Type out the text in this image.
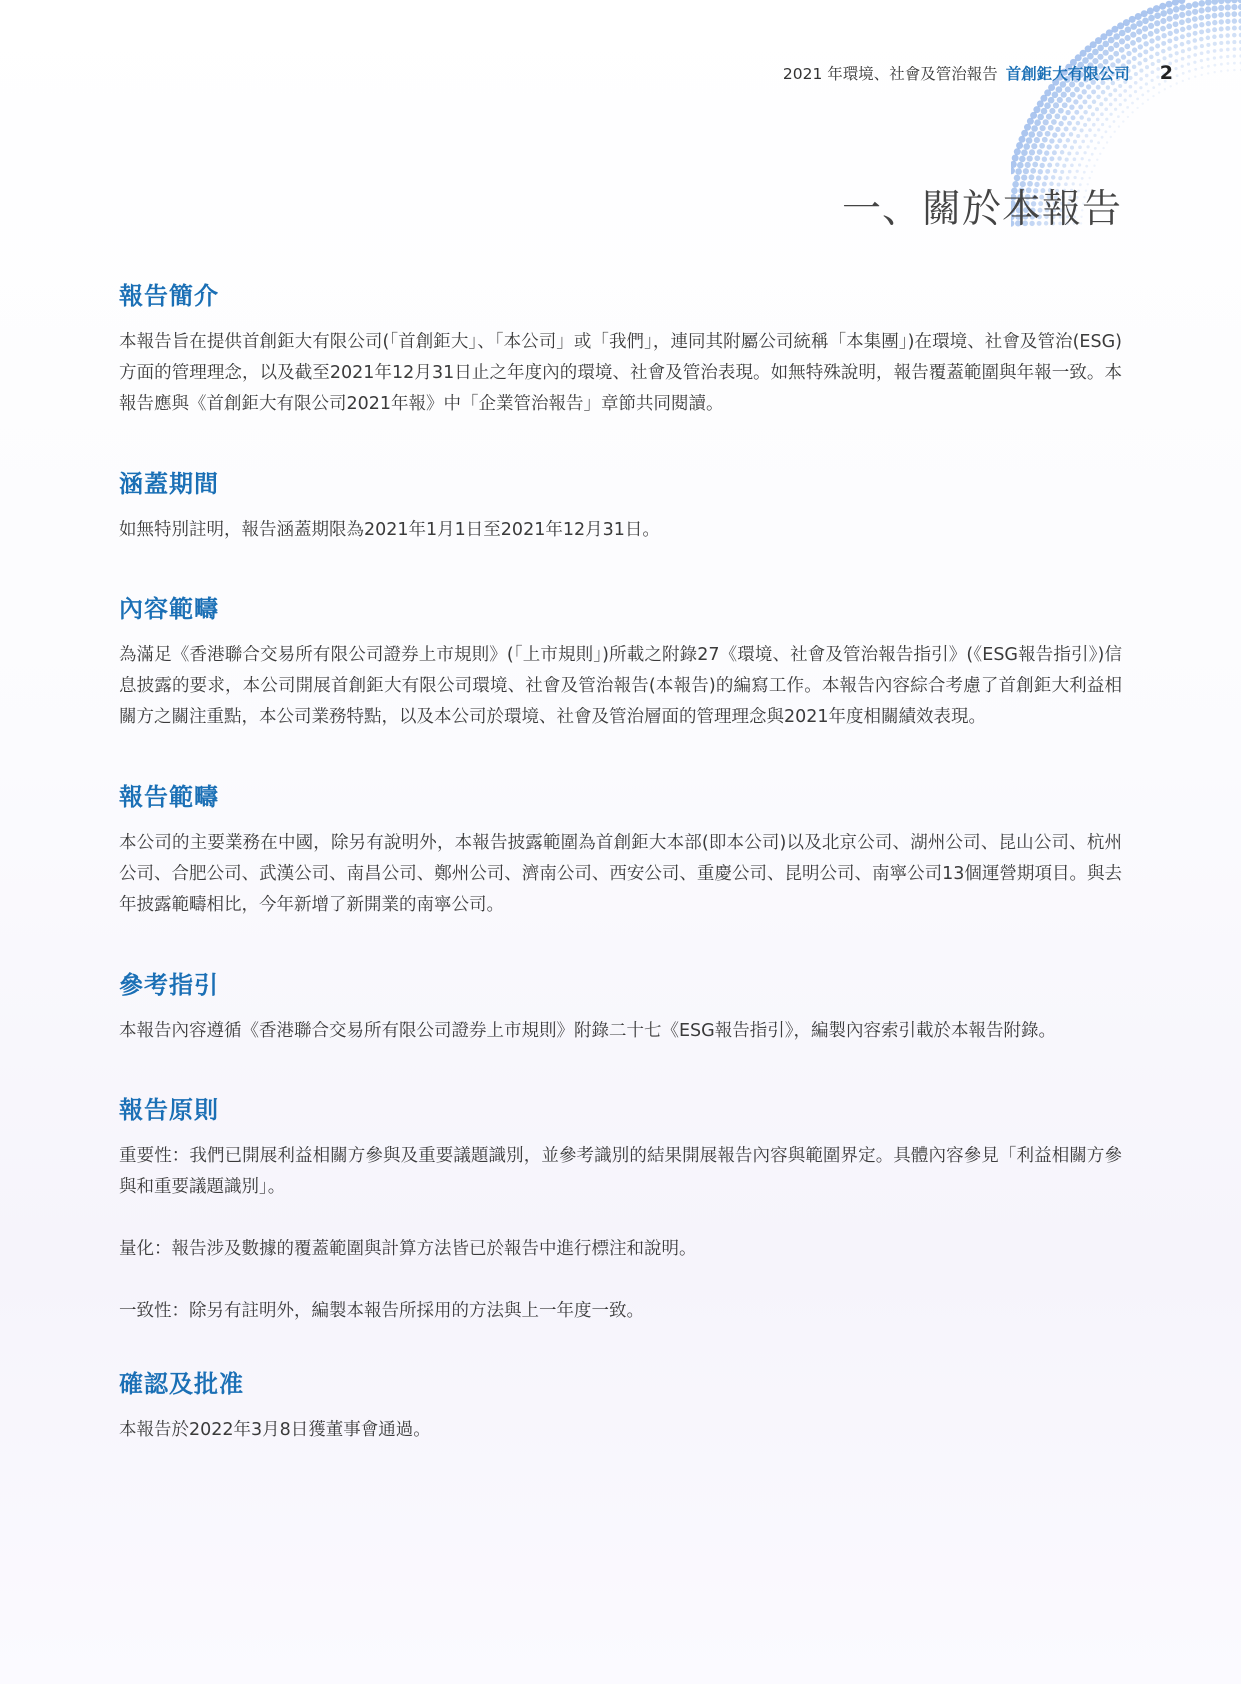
2021 年環境、社會及管治報告 首創鉅大有限公司 2
一、關於本報告
報告簡介

本報告旨在提供首創鉅大有限公司(「首創鉅大」、「本公司」或「我們」，連同其附屬公司統稱「本集團」)在環境、社會及管治(ESG)方面的管理理念，以及截至2021年12月31日止之年度內的環境、社會及管治表現。如無特殊說明，報告覆蓋範圍與年報一致。本報告應與《首創鉅大有限公司2021年報》中「企業管治報告」章節共同閱讀。

涵蓋期間

如無特別註明，報告涵蓋期限為2021年1月1日至2021年12月31日。

內容範疇

為滿足《香港聯合交易所有限公司證券上市規則》(「上市規則」)所載之附錄27《環境、社會及管治報告指引》(《ESG報告指引》)信息披露的要求，本公司開展首創鉅大有限公司環境、社會及管治報告(本報告)的編寫工作。本報告內容綜合考慮了首創鉅大利益相關方之關注重點，本公司業務特點，以及本公司於環境、社會及管治層面的管理理念與2021年度相關績效表現。

報告範疇

本公司的主要業務在中國，除另有說明外，本報告披露範圍為首創鉅大本部(即本公司)以及北京公司、湖州公司、昆山公司、杭州公司、合肥公司、武漢公司、南昌公司、鄭州公司、濟南公司、西安公司、重慶公司、昆明公司、南寧公司13個運營期項目。與去年披露範疇相比，今年新增了新開業的南寧公司。

參考指引

本報告內容遵循《香港聯合交易所有限公司證券上市規則》附錄二十七《ESG報告指引》，編製內容索引載於本報告附錄。

報告原則

重要性：我們已開展利益相關方參與及重要議題識別，並參考識別的結果開展報告內容與範圍界定。具體內容參見「利益相關方參與和重要議題識別」。

量化：報告涉及數據的覆蓋範圍與計算方法皆已於報告中進行標注和說明。

一致性：除另有註明外，編製本報告所採用的方法與上一年度一致。

確認及批准

本報告於2022年3月8日獲董事會通過。
